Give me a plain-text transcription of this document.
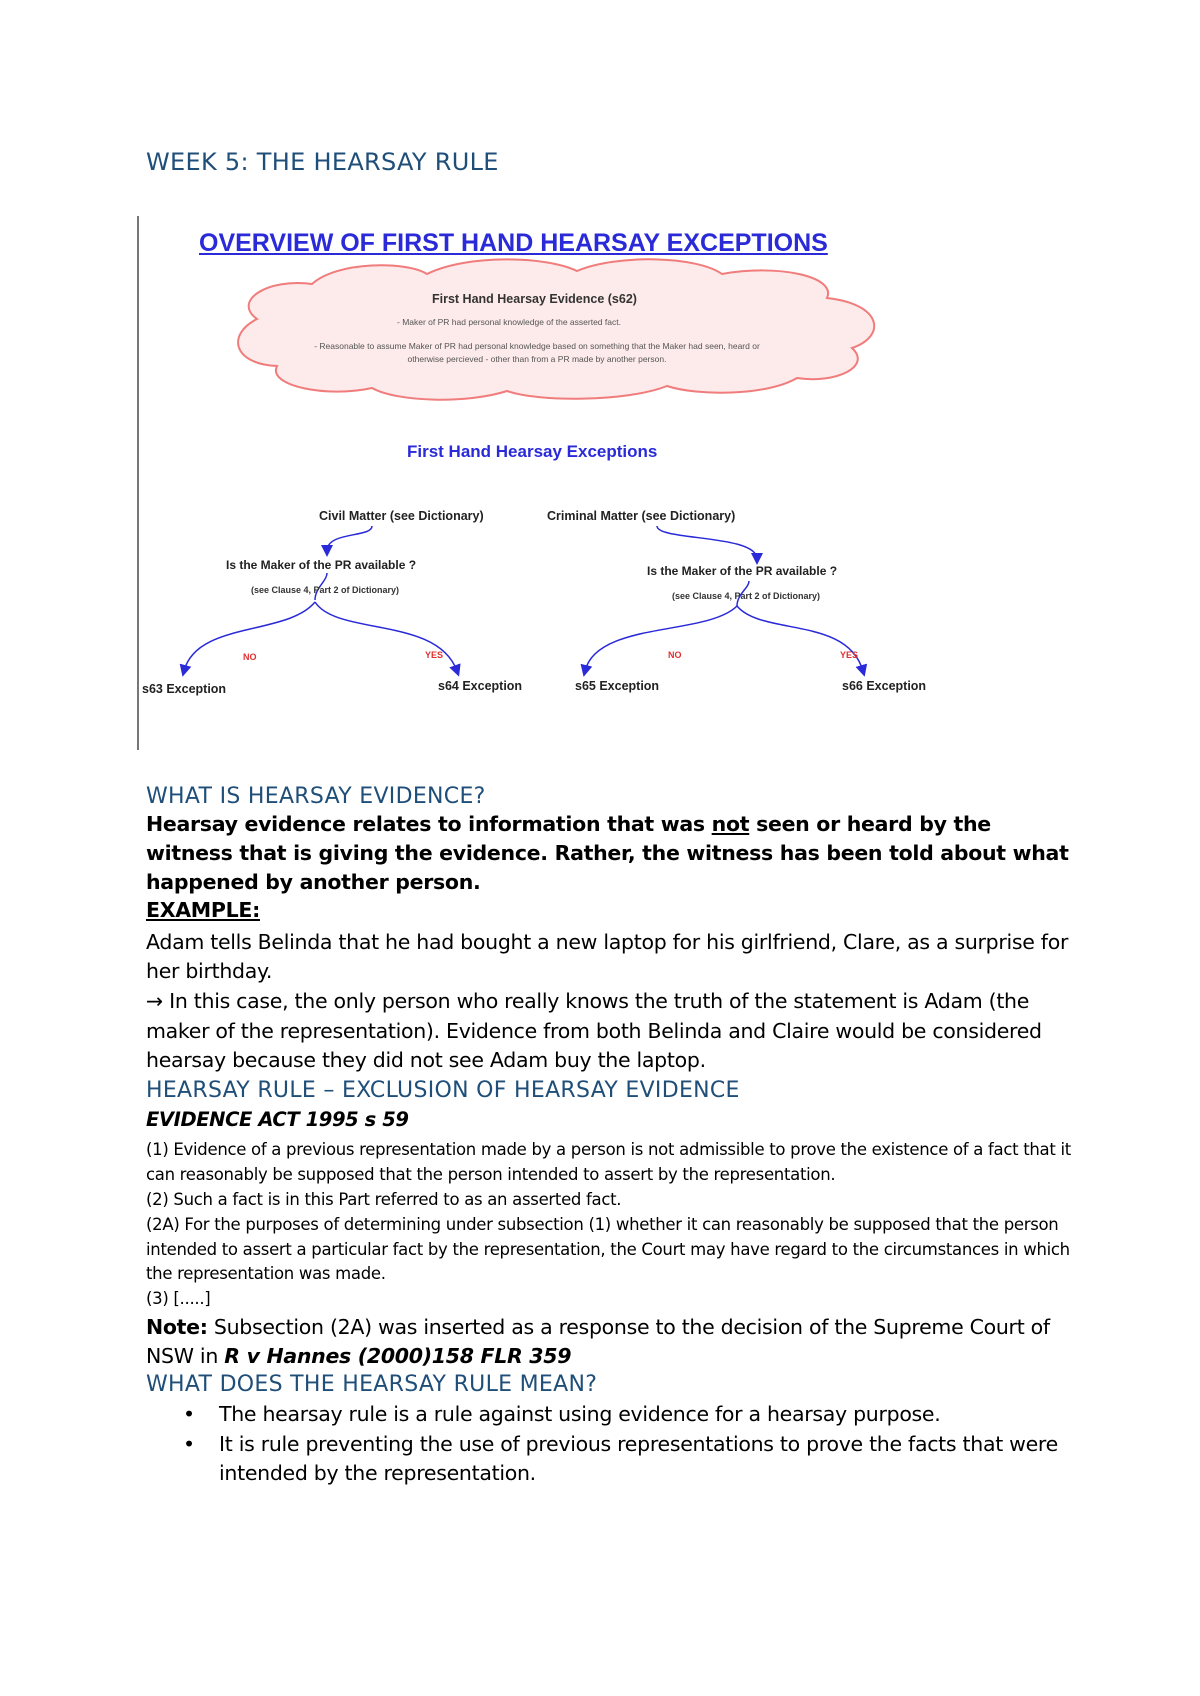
WEEK 5: THE HEARSAY RULE
OVERVIEW OF FIRST HAND HEARSAY EXCEPTIONS
First Hand Hearsay Evidence (s62)
- Maker of PR had personal knowledge of the asserted fact.
- Reasonable to assume Maker of PR had personal knowledge based on something that the Maker had seen, heard or otherwise percieved - other than from a PR made by another person.
First Hand Hearsay Exceptions
Civil Matter (see Dictionary)	Criminal Matter (see Dictionary)
Is the Maker of the PR available ?	Is the Maker of the PR available ?
(see Clause 4, Part 2 of Dictionary)
(see Clause 4, Part 2 of Dictionary)
NO	YES	NO	YES
s63 Exception	s64 Exception	s65 Exception	s66 Exception
WHAT IS HEARSAY EVIDENCE?
Hearsay evidence relates to information that was not seen or heard by the witness that is giving the evidence. Rather, the witness has been told about what happened by another person.
EXAMPLE:
Adam tells Belinda that he had bought a new laptop for his girlfriend, Clare, as a surprise for her birthday.
→ In this case, the only person who really knows the truth of the statement is Adam (the maker of the representation). Evidence from both Belinda and Claire would be considered hearsay because they did not see Adam buy the laptop.
HEARSAY RULE – EXCLUSION OF HEARSAY EVIDENCE
EVIDENCE ACT 1995 s 59
(1) Evidence of a previous representation made by a person is not admissible to prove the existence of a fact that it can reasonably be supposed that the person intended to assert by the representation.
(2) Such a fact is in this Part referred to as an asserted fact.
(2A) For the purposes of determining under subsection (1) whether it can reasonably be supposed that the person intended to assert a particular fact by the representation, the Court may have regard to the circumstances in which the representation was made.
(3) [.....]
Note: Subsection (2A) was inserted as a response to the decision of the Supreme Court of NSW in R v Hannes (2000)158 FLR 359
WHAT DOES THE HEARSAY RULE MEAN?
• The hearsay rule is a rule against using evidence for a hearsay purpose.
• It is rule preventing the use of previous representations to prove the facts that were intended by the representation.
